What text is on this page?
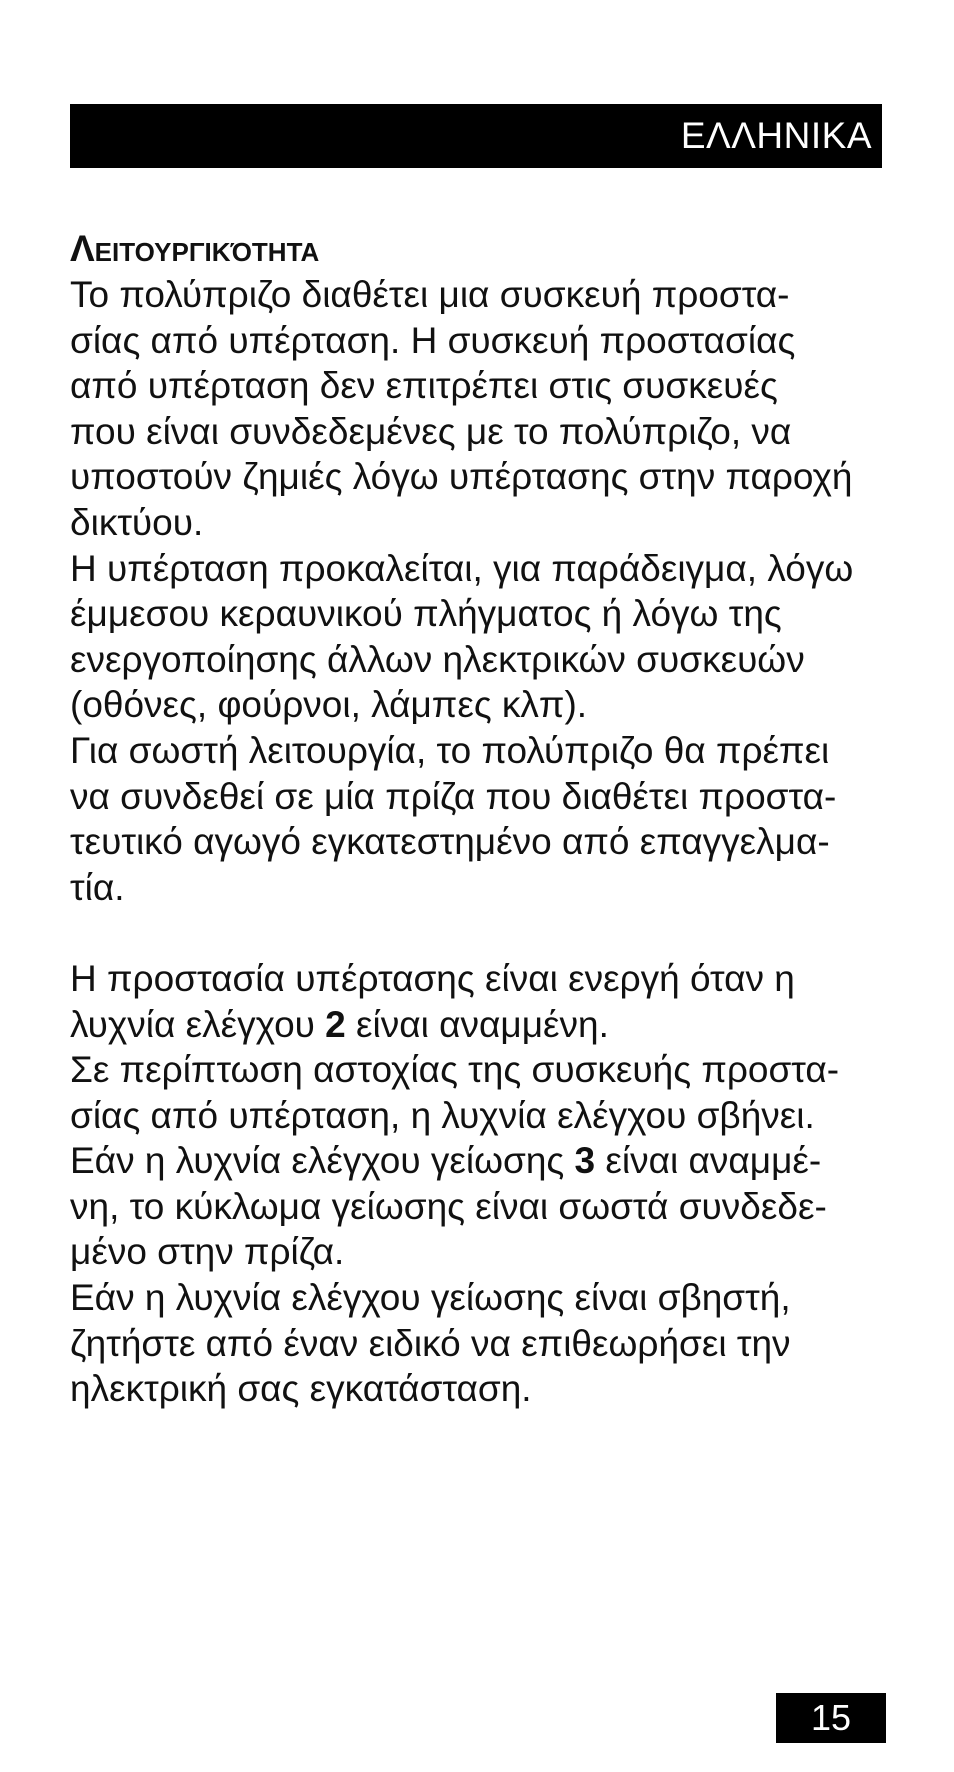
ΕΛΛΗΝΙΚΑ
Λειτουργικότητα
Το πολύπριζο διαθέτει μια συσκευή προστα-
σίας από υπέρταση. Η συσκευή προστασίας
από υπέρταση δεν επιτρέπει στις συσκευές
που είναι συνδεδεμένες με το πολύπριζο, να
υποστούν ζημιές λόγω υπέρτασης στην παροχή
δικτύου.
Η υπέρταση προκαλείται, για παράδειγμα, λόγω
έμμεσου κεραυνικού πλήγματος ή λόγω της
ενεργοποίησης άλλων ηλεκτρικών συσκευών
(οθόνες, φούρνοι, λάμπες κλπ).
Για σωστή λειτουργία, το πολύπριζο θα πρέπει
να συνδεθεί σε μία πρίζα που διαθέτει προστα-
τευτικό αγωγό εγκατεστημένο από επαγγελμα-
τία.
Η προστασία υπέρτασης είναι ενεργή όταν η
λυχνία ελέγχου 2 είναι αναμμένη.
Σε περίπτωση αστοχίας της συσκευής προστα-
σίας από υπέρταση, η λυχνία ελέγχου σβήνει.
Εάν η λυχνία ελέγχου γείωσης 3 είναι αναμμέ-
νη, το κύκλωμα γείωσης είναι σωστά συνδεδε-
μένο στην πρίζα.
Εάν η λυχνία ελέγχου γείωσης είναι σβηστή,
ζητήστε από έναν ειδικό να επιθεωρήσει την
ηλεκτρική σας εγκατάσταση.
15
